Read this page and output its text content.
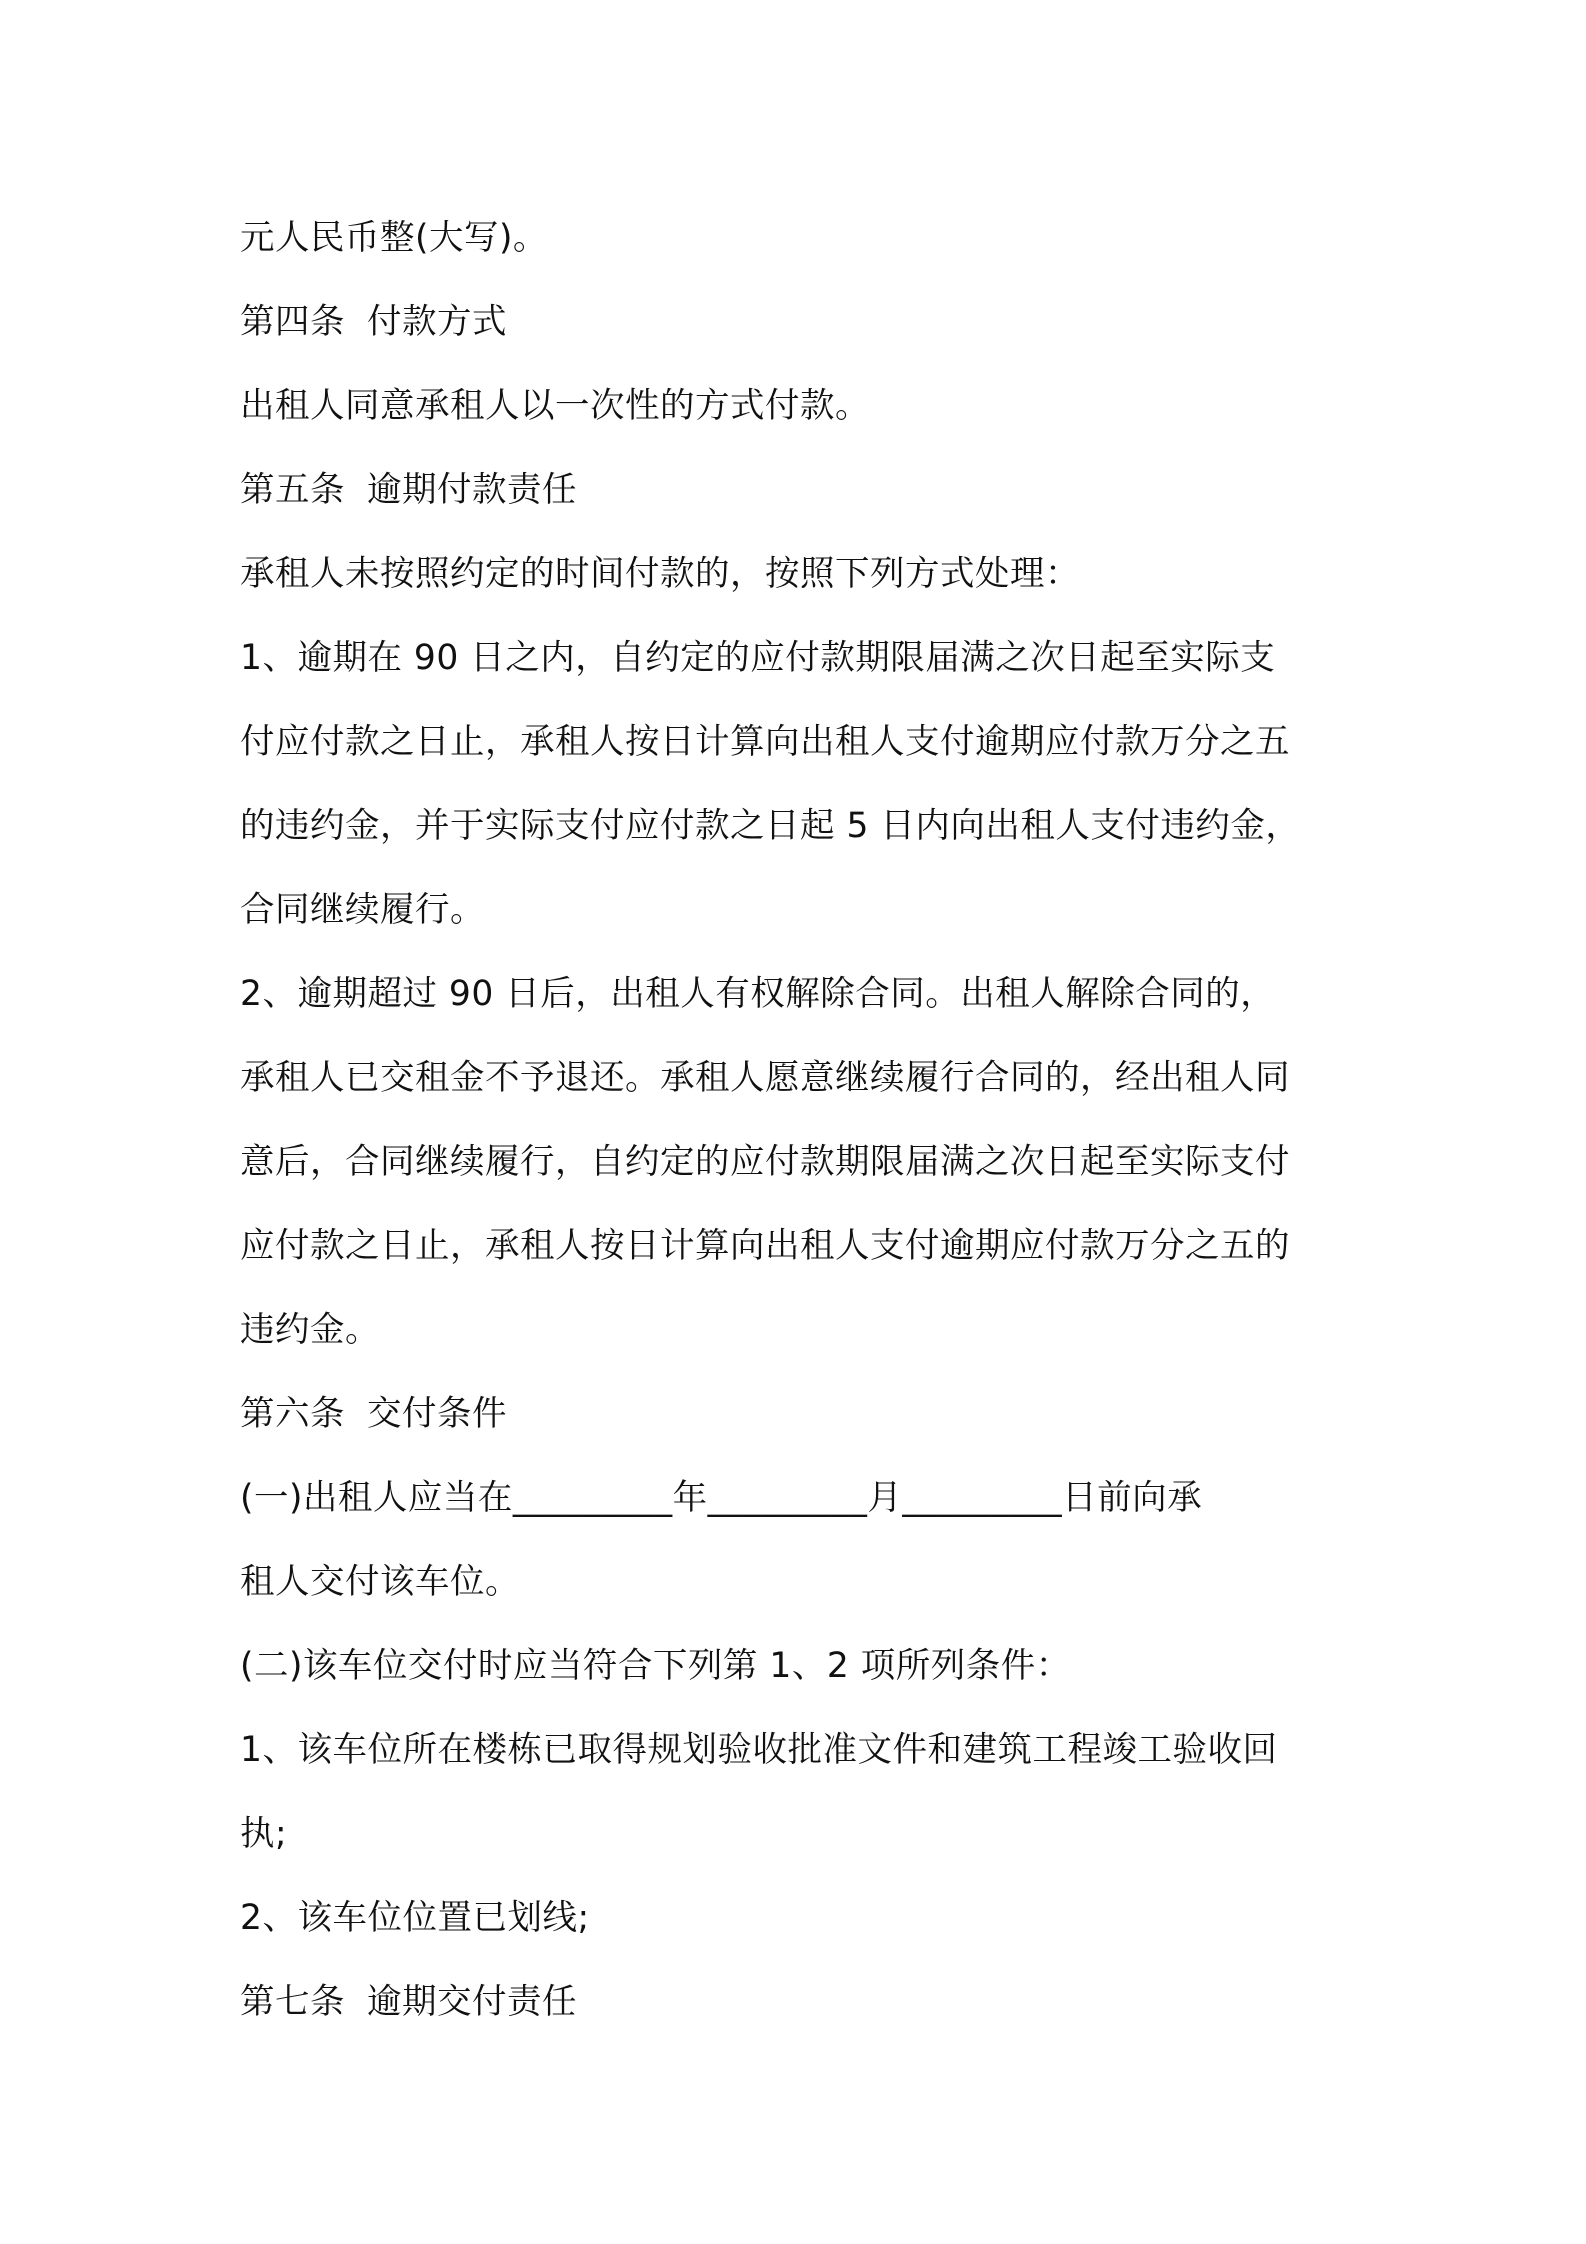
元人民币整(大写)。
第四条 付款方式
出租人同意承租人以一次性的方式付款。
第五条 逾期付款责任
承租人未按照约定的时间付款的，按照下列方式处理：
1、逾期在 90 日之内，自约定的应付款期限届满之次日起至实际支
付应付款之日止，承租人按日计算向出租人支付逾期应付款万分之五
的违约金，并于实际支付应付款之日起 5 日内向出租人支付违约金，
合同继续履行。
2、逾期超过 90 日后，出租人有权解除合同。出租人解除合同的，
承租人已交租金不予退还。承租人愿意继续履行合同的，经出租人同
意后，合同继续履行，自约定的应付款期限届满之次日起至实际支付
应付款之日止，承租人按日计算向出租人支付逾期应付款万分之五的
违约金。
第六条 交付条件
(一)出租人应当在_________年_________月_________日前向承
租人交付该车位。
(二)该车位交付时应当符合下列第 1、2 项所列条件：
1、该车位所在楼栋已取得规划验收批准文件和建筑工程竣工验收回
执;
2、该车位位置已划线;
第七条 逾期交付责任
